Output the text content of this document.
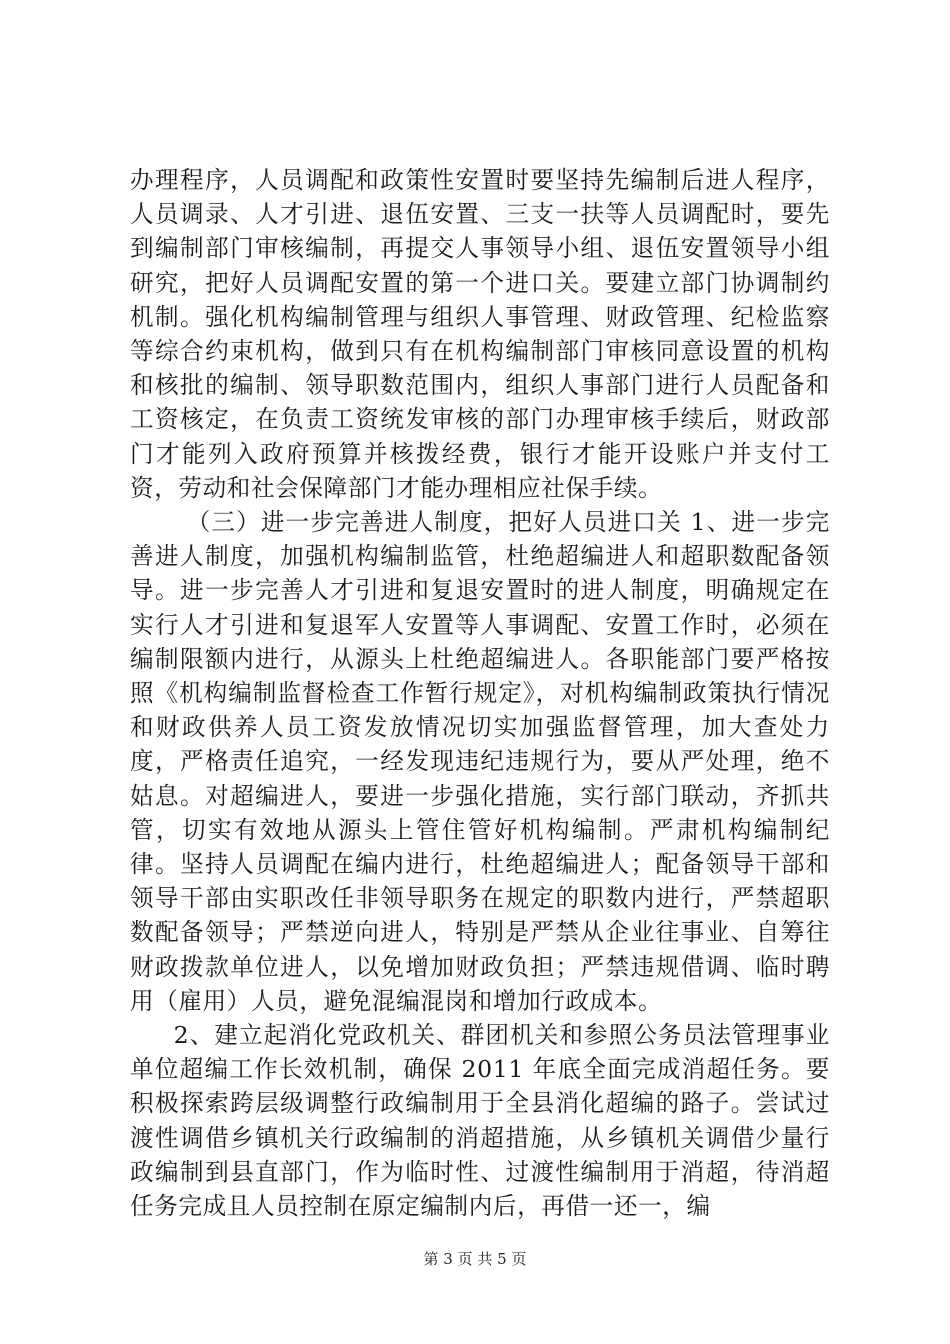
办理程序，人员调配和政策性安置时要坚持先编制后进人程序，人员调录、人才引进、退伍安置、三支一扶等人员调配时，要先到编制部门审核编制，再提交人事领导小组、退伍安置领导小组研究，把好人员调配安置的第一个进口关。要建立部门协调制约机制。强化机构编制管理与组织人事管理、财政管理、纪检监察等综合约束机构，做到只有在机构编制部门审核同意设置的机构和核批的编制、领导职数范围内，组织人事部门进行人员配备和工资核定，在负责工资统发审核的部门办理审核手续后，财政部门才能列入政府预算并核拨经费，银行才能开设账户并支付工资，劳动和社会保障部门才能办理相应社保手续。

（三）进一步完善进人制度，把好人员进口关 1、进一步完善进人制度，加强机构编制监管，杜绝超编进人和超职数配备领导。进一步完善人才引进和复退安置时的进人制度，明确规定在实行人才引进和复退军人安置等人事调配、安置工作时，必须在编制限额内进行，从源头上杜绝超编进人。各职能部门要严格按照《机构编制监督检查工作暂行规定》，对机构编制政策执行情况和财政供养人员工资发放情况切实加强监督管理，加大查处力度，严格责任追究，一经发现违纪违规行为，要从严处理，绝不姑息。对超编进人，要进一步强化措施，实行部门联动，齐抓共管，切实有效地从源头上管住管好机构编制。严肃机构编制纪律。坚持人员调配在编内进行，杜绝超编进人；配备领导干部和领导干部由实职改任非领导职务在规定的职数内进行，严禁超职数配备领导；严禁逆向进人，特别是严禁从企业往事业、自筹往财政拨款单位进人，以免增加财政负担；严禁违规借调、临时聘用（雇用）人员，避免混编混岗和增加行政成本。

2、建立起消化党政机关、群团机关和参照公务员法管理事业单位超编工作长效机制，确保 2011 年底全面完成消超任务。要积极探索跨层级调整行政编制用于全县消化超编的路子。尝试过渡性调借乡镇机关行政编制的消超措施，从乡镇机关调借少量行政编制到县直部门，作为临时性、过渡性编制用于消超，待消超任务完成且人员控制在原定编制内后，再借一还一，编

第 3 页 共 5 页
